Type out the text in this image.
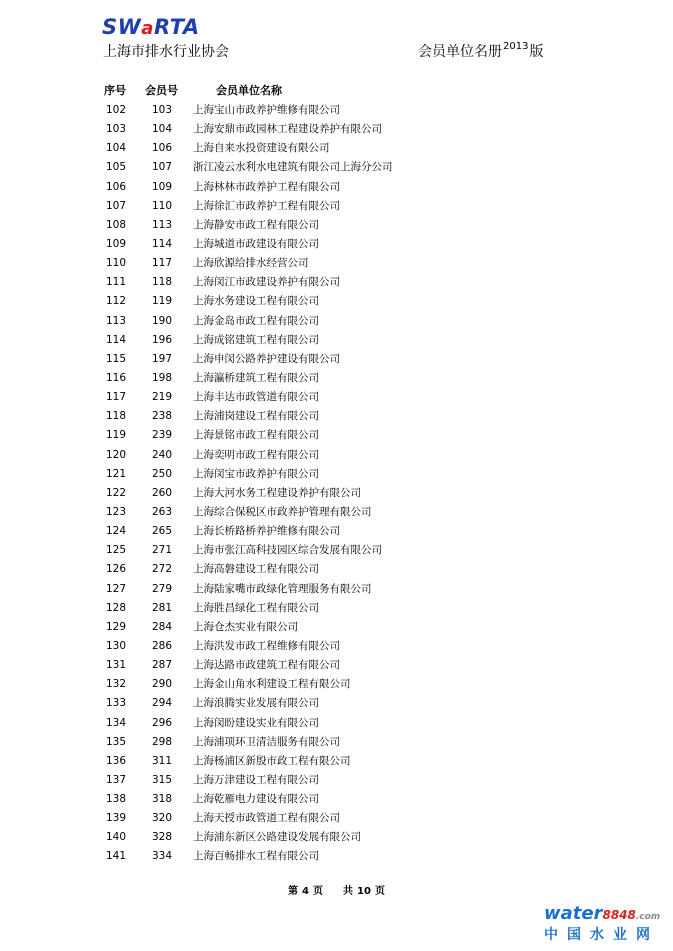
SWaRTA
上海市排水行业协会	会员单位名册$^{2013}$版
序号 会员号	会员单位名称
102 103 上海宝山市政养护维修有限公司
103 104 上海安鼎市政园林工程建设养护有限公司
104 106 上海自来水投资建设有限公司
105 107 浙江凌云水利水电建筑有限公司上海分公司
106 109 上海林林市政养护工程有限公司
107 110 上海徐汇市政养护工程有限公司
108 113 上海静安市政工程有限公司
109 114 上海城道市政建设有限公司
110 117 上海欣源给排水经营公司
111 118 上海闵江市政建设养护有限公司
112 119 上海水务建设工程有限公司
113 190 上海金岛市政工程有限公司
114 196 上海成铭建筑工程有限公司
115 197 上海申闵公路养护建设有限公司
116 198 上海瀛桥建筑工程有限公司
117 219 上海丰达市政管道有限公司
118 238 上海浦岗建设工程有限公司
119 239 上海景铭市政工程有限公司
120 240 上海奕明市政工程有限公司
121 250 上海闵宝市政养护有限公司
122 260 上海大河水务工程建设养护有限公司
123 263 上海综合保税区市政养护管理有限公司
124 265 上海长桥路桥养护维修有限公司
125 271 上海市张江高科技园区综合发展有限公司
126 272 上海高磐建设工程有限公司
127 279 上海陆家嘴市政绿化管理服务有限公司
128 281 上海胜昌绿化工程有限公司
129 284 上海仓杰实业有限公司
130 286 上海洪发市政工程维修有限公司
131 287 上海达路市政建筑工程有限公司
132 290 上海金山角水利建设工程有限公司
133 294 上海浪腾实业发展有限公司
134 296 上海闵盼建设实业有限公司
135 298 上海浦项环卫清洁服务有限公司
136 311 上海杨浦区新殷市政工程有限公司
137 315 上海万津建设工程有限公司
138 318 上海乾雁电力建设有限公司
139 320 上海天授市政管道工程有限公司
140 328 上海浦东新区公路建设发展有限公司
141 334 上海百畅排水工程有限公司
第 4 页 共 10 页
water8848.com
中国水业网
